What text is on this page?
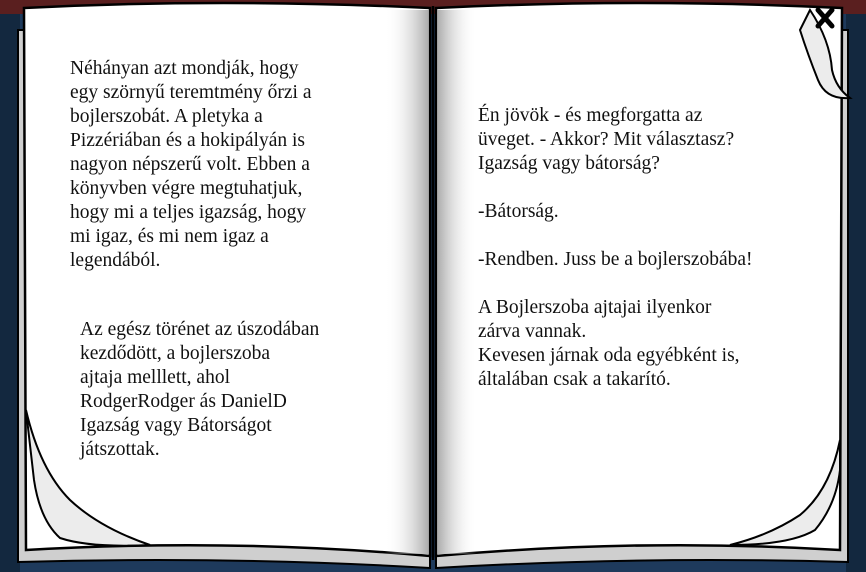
Néhányan azt mondják, hogy
egy szörnyű teremtmény őrzi a
bojlerszobát. A pletyka a
Pizzériában és a hokipályán is
nagyon népszerű volt. Ebben a
könyvben végre megtuhatjuk,
hogy mi a teljes igazság, hogy
mi igaz, és mi nem igaz a
legendából.
Az egész törénet az úszodában
kezdődött, a bojlerszoba
ajtaja melllett, ahol
RodgerRodger ás DanielD
Igazság vagy Bátorságot
játszottak.
Én jövök - és megforgatta az
üveget. - Akkor? Mit választasz?
Igazság vagy bátorság?

-Bátorság.

-Rendben. Juss be a bojlerszobába!

A Bojlerszoba ajtajai ilyenkor
zárva vannak.
Kevesen járnak oda egyébként is,
általában csak a takarító.
